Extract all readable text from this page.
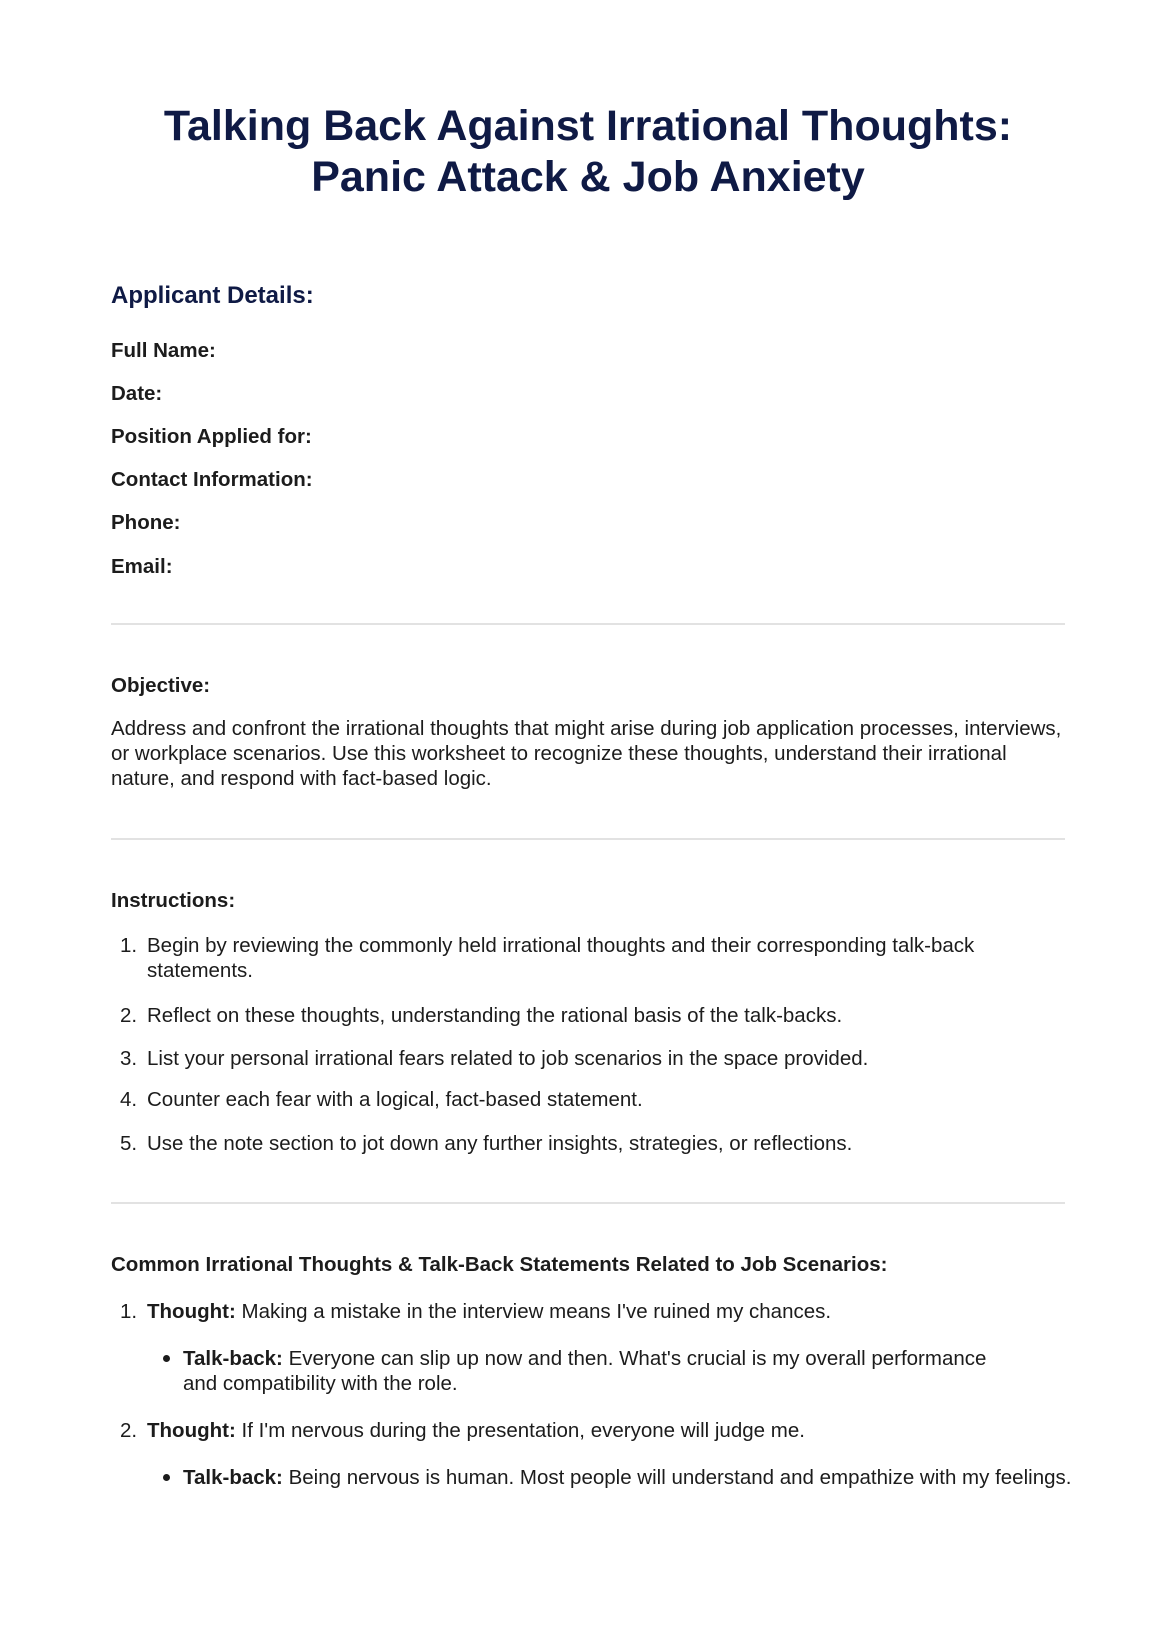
Talking Back Against Irrational Thoughts:
Panic Attack & Job Anxiety
Applicant Details:
Full Name:
Date:
Position Applied for:
Contact Information:
Phone:
Email:
Objective:
Address and confront the irrational thoughts that might arise during job application processes, interviews, or workplace scenarios. Use this worksheet to recognize these thoughts, understand their irrational nature, and respond with fact-based logic.
Instructions:
1. Begin by reviewing the commonly held irrational thoughts and their corresponding talk-back statements.
2. Reflect on these thoughts, understanding the rational basis of the talk-backs.
3. List your personal irrational fears related to job scenarios in the space provided.
4. Counter each fear with a logical, fact-based statement.
5. Use the note section to jot down any further insights, strategies, or reflections.
Common Irrational Thoughts & Talk-Back Statements Related to Job Scenarios:
1. Thought: Making a mistake in the interview means I've ruined my chances.
Talk-back: Everyone can slip up now and then. What's crucial is my overall performance and compatibility with the role.
2. Thought: If I'm nervous during the presentation, everyone will judge me.
Talk-back: Being nervous is human. Most people will understand and empathize with my feelings.
